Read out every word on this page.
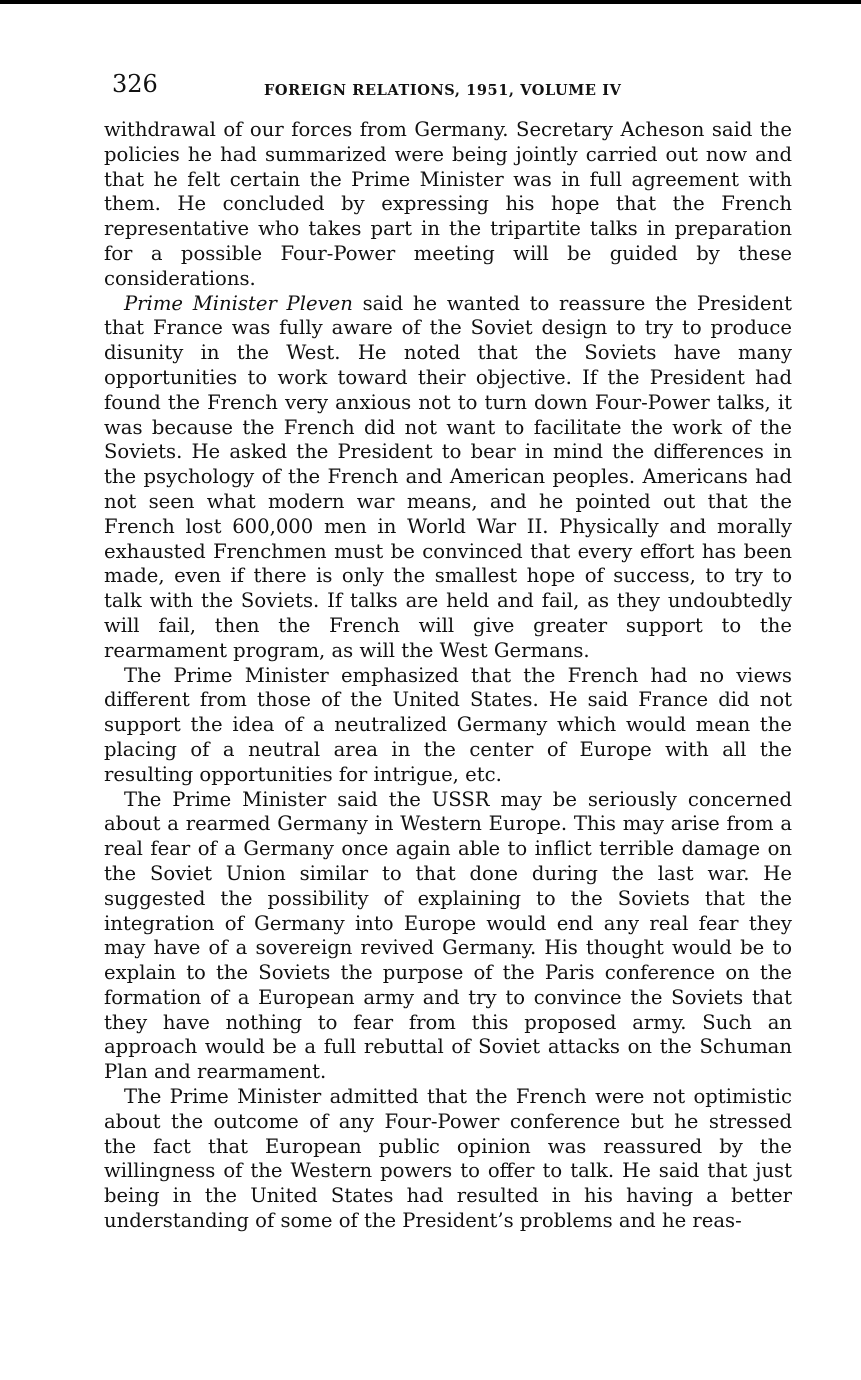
326	FOREIGN RELATIONS, 1951, VOLUME IV

withdrawal of our forces from Germany. Secretary Acheson said the policies he had summarized were being jointly carried out now and that he felt certain the Prime Minister was in full agreement with them. He concluded by expressing his hope that the French representative who takes part in the tripartite talks in preparation for a possible Four-Power meeting will be guided by these considerations.

Prime Minister Pleven said he wanted to reassure the President that France was fully aware of the Soviet design to try to produce disunity in the West. He noted that the Soviets have many opportunities to work toward their objective. If the President had found the French very anxious not to turn down Four-Power talks, it was because the French did not want to facilitate the work of the Soviets. He asked the President to bear in mind the differences in the psychology of the French and American peoples. Americans had not seen what modern war means, and he pointed out that the French lost 600,000 men in World War II. Physically and morally exhausted Frenchmen must be convinced that every effort has been made, even if there is only the smallest hope of success, to try to talk with the Soviets. If talks are held and fail, as they undoubtedly will fail, then the French will give greater support to the rearmament program, as will the West Germans.

The Prime Minister emphasized that the French had no views different from those of the United States. He said France did not support the idea of a neutralized Germany which would mean the placing of a neutral area in the center of Europe with all the resulting opportunities for intrigue, etc.

The Prime Minister said the USSR may be seriously concerned about a rearmed Germany in Western Europe. This may arise from a real fear of a Germany once again able to inflict terrible damage on the Soviet Union similar to that done during the last war. He suggested the possibility of explaining to the Soviets that the integration of Germany into Europe would end any real fear they may have of a sovereign revived Germany. His thought would be to explain to the Soviets the purpose of the Paris conference on the formation of a European army and try to convince the Soviets that they have nothing to fear from this proposed army. Such an approach would be a full rebuttal of Soviet attacks on the Schuman Plan and rearmament.

The Prime Minister admitted that the French were not optimistic about the outcome of any Four-Power conference but he stressed the fact that European public opinion was reassured by the willingness of the Western powers to offer to talk. He said that just being in the United States had resulted in his having a better understanding of some of the President’s problems and he reas-
